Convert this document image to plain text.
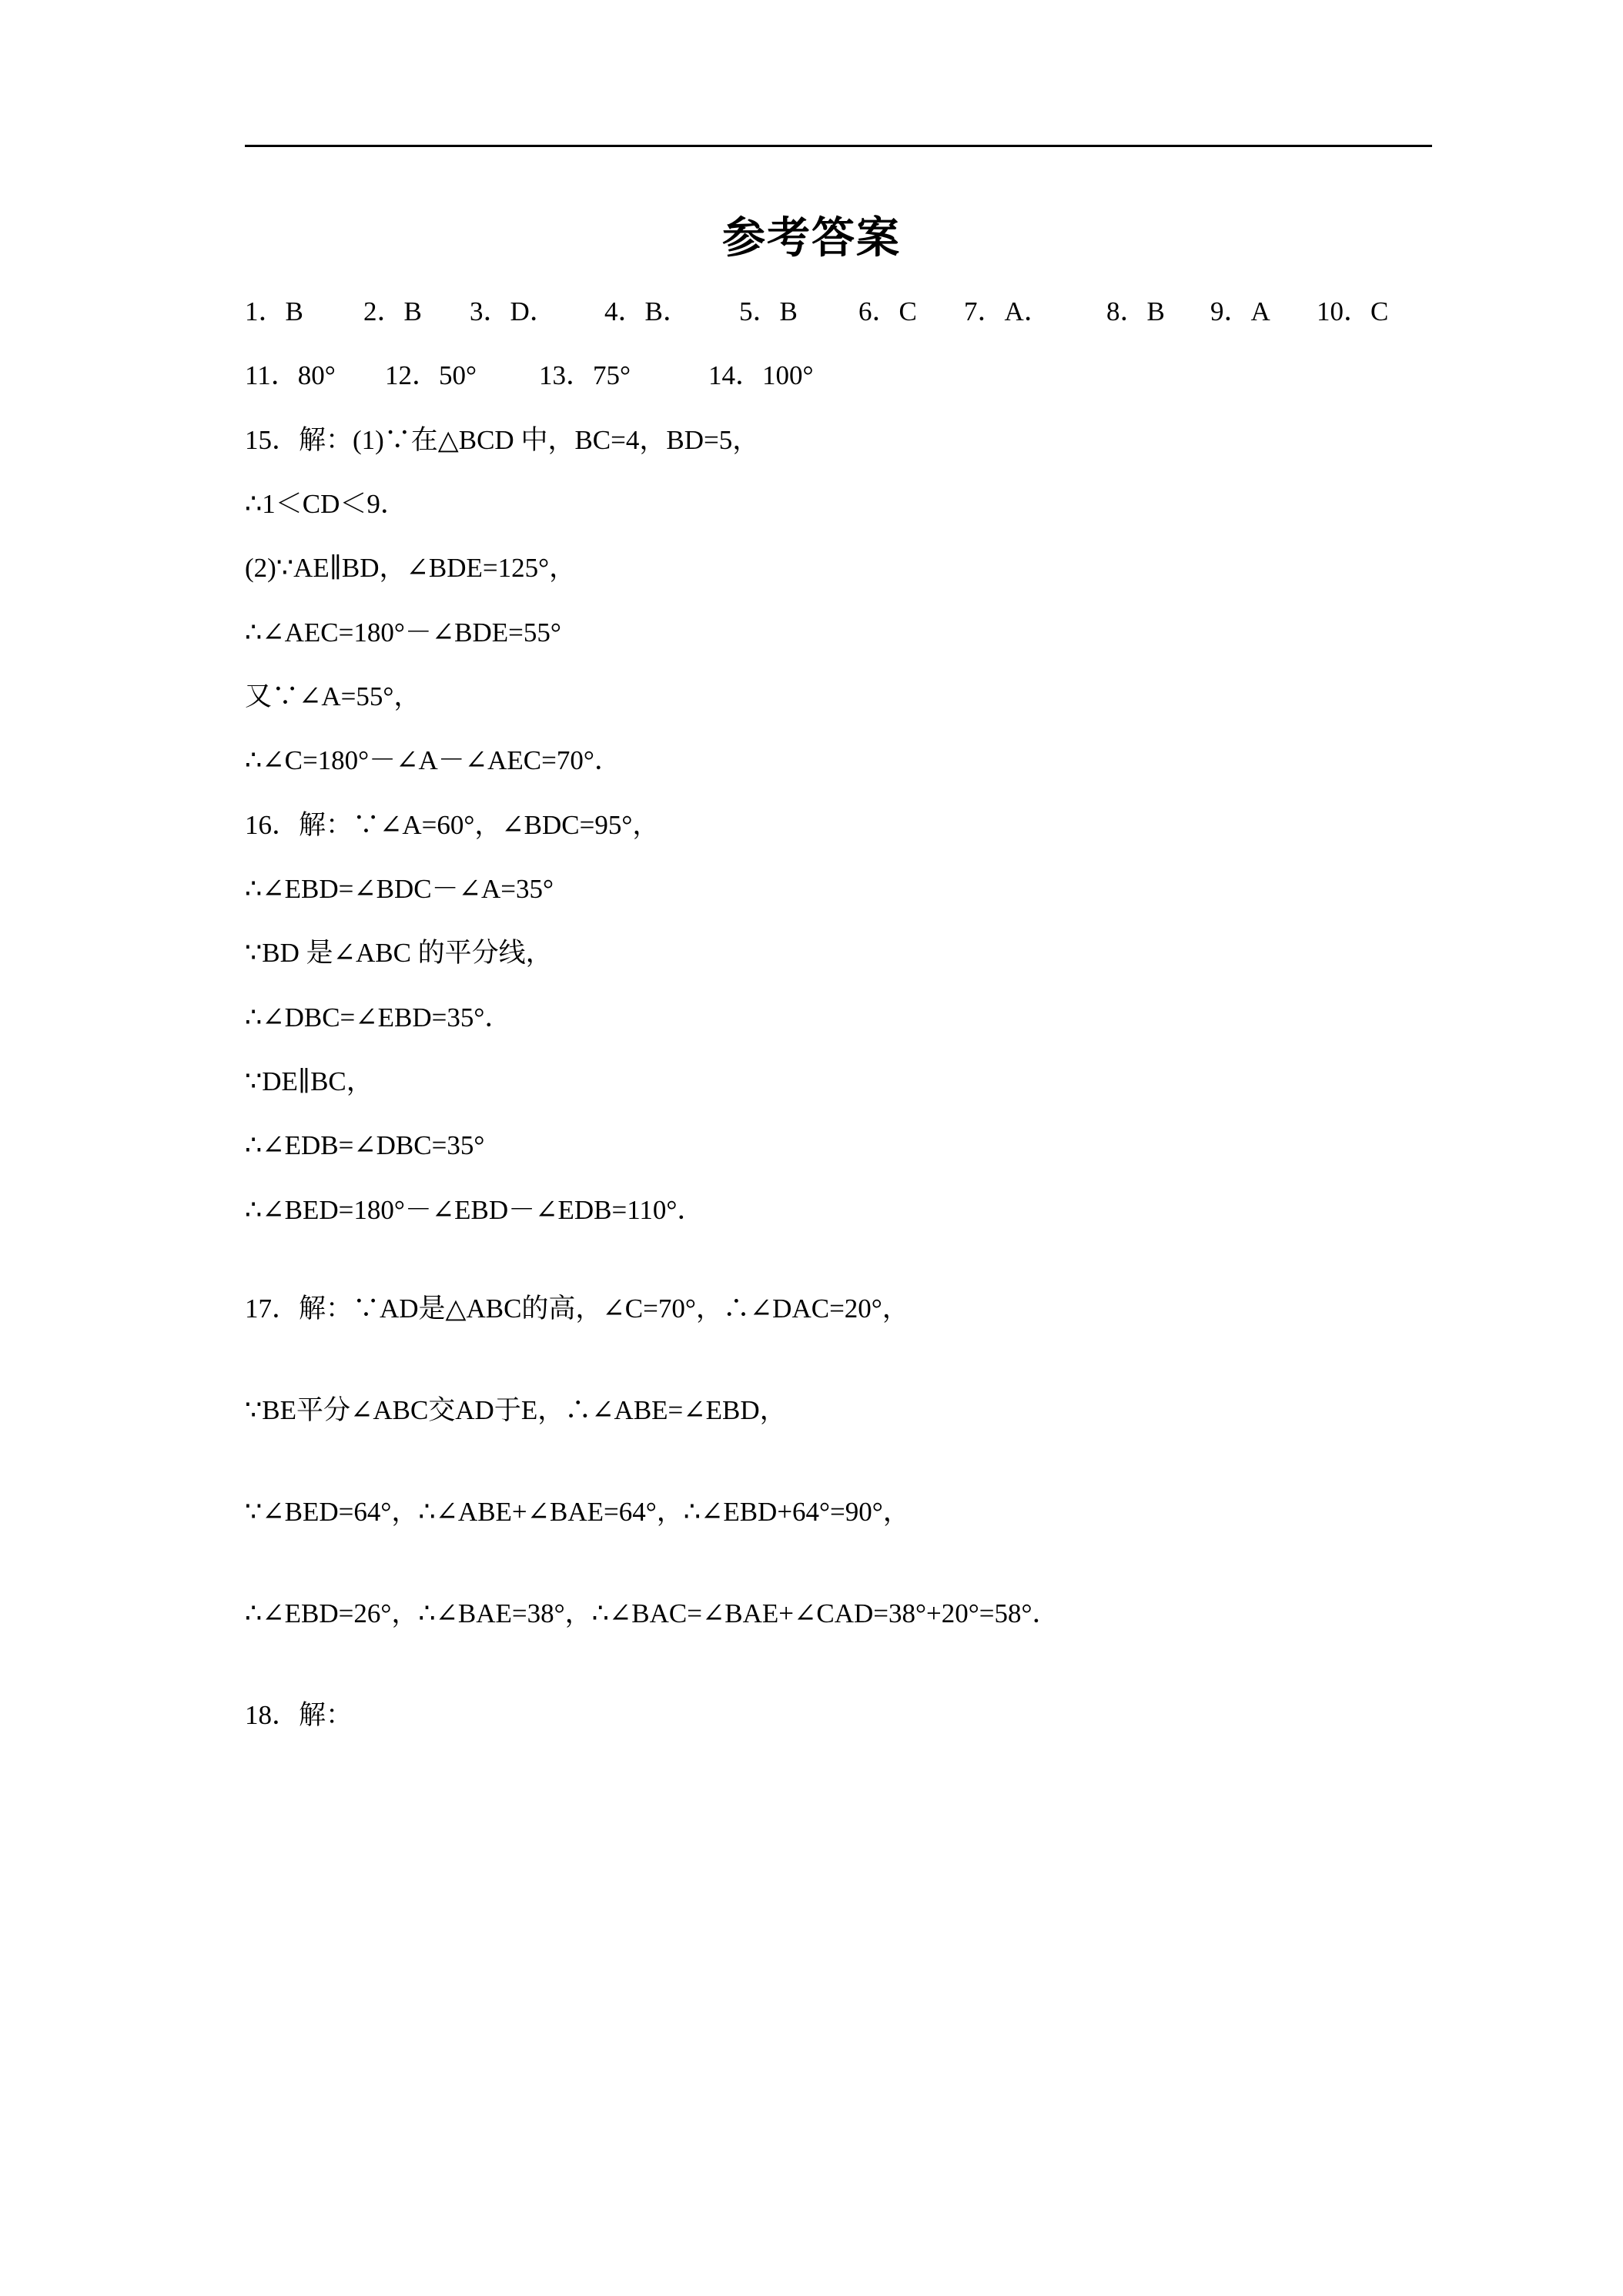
参考答案
1．B 2．B 3．D． 4．B． 5．B 6．C 7．A． 8．B 9．A 10．C
11．80° 12．50° 13．75°	14．100°
15．解：(1)∵在△BCD 中，BC=4，BD=5，
∴1＜CD＜9．
(2)∵AE∥BD，∠BDE=125°，
∴∠AEC=180°－∠BDE=55°
又∵∠A=55°，
∴∠C=180°－∠A－∠AEC=70°．
16．解：∵∠A=60°，∠BDC=95°，
∴∠EBD=∠BDC－∠A=35°
∵BD 是∠ABC 的平分线，
∴∠DBC=∠EBD=35°．
∵DE∥BC，
∴∠EDB=∠DBC=35°
∴∠BED=180°－∠EBD－∠EDB=110°．
17．解：∵AD是△ABC的高，∠C=70°，∴∠DAC=20°，
∵BE平分∠ABC交AD于E，∴∠ABE=∠EBD，
∵∠BED=64°，∴∠ABE+∠BAE=64°，∴∠EBD+64°=90°，
∴∠EBD=26°，∴∠BAE=38°，∴∠BAC=∠BAE+∠CAD=38°+20°=58°．
18．解：
